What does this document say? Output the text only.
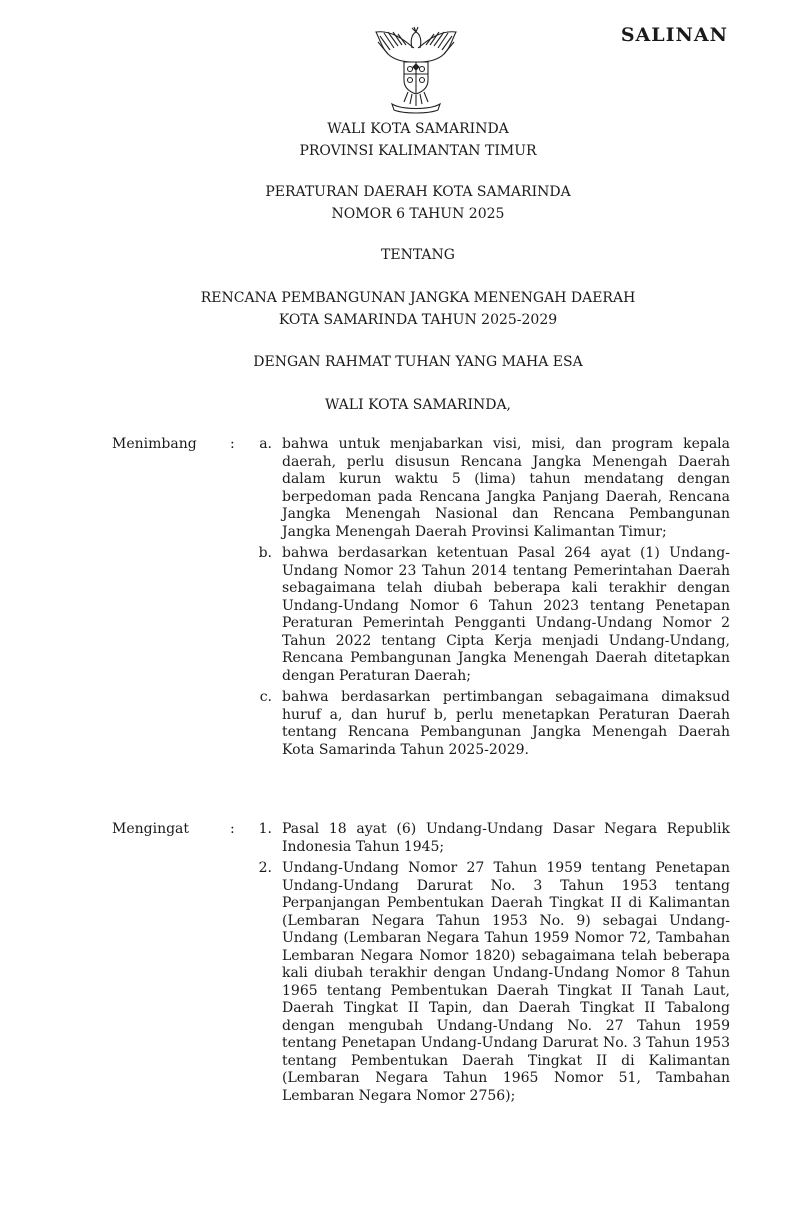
SALINAN
WALI KOTA SAMARINDA
PROVINSI KALIMANTAN TIMUR
PERATURAN DAERAH KOTA SAMARINDA
NOMOR 6 TAHUN 2025
TENTANG
RENCANA PEMBANGUNAN JANGKA MENENGAH DAERAH
KOTA SAMARINDA TAHUN 2025-2029
DENGAN RAHMAT TUHAN YANG MAHA ESA
WALI KOTA SAMARINDA,
Menimbang	:	a. bahwa untuk menjabarkan visi, misi, dan program kepala daerah, perlu disusun Rencana Jangka Menengah Daerah dalam kurun waktu 5 (lima) tahun mendatang dengan berpedoman pada Rencana Jangka Panjang Daerah, Rencana Jangka Menengah Nasional dan Rencana Pembangunan Jangka Menengah Daerah Provinsi Kalimantan Timur;
b. bahwa berdasarkan ketentuan Pasal 264 ayat (1) Undang-Undang Nomor 23 Tahun 2014 tentang Pemerintahan Daerah sebagaimana telah diubah beberapa kali terakhir dengan Undang-Undang Nomor 6 Tahun 2023 tentang Penetapan Peraturan Pemerintah Pengganti Undang-Undang Nomor 2 Tahun 2022 tentang Cipta Kerja menjadi Undang-Undang, Rencana Pembangunan Jangka Menengah Daerah ditetapkan dengan Peraturan Daerah;
c. bahwa berdasarkan pertimbangan sebagaimana dimaksud huruf a, dan huruf b, perlu menetapkan Peraturan Daerah tentang Rencana Pembangunan Jangka Menengah Daerah Kota Samarinda Tahun 2025-2029.
Mengingat	:	1. Pasal 18 ayat (6) Undang-Undang Dasar Negara Republik Indonesia Tahun 1945;
2. Undang-Undang Nomor 27 Tahun 1959 tentang Penetapan Undang-Undang Darurat No. 3 Tahun 1953 tentang Perpanjangan Pembentukan Daerah Tingkat II di Kalimantan (Lembaran Negara Tahun 1953 No. 9) sebagai Undang-Undang (Lembaran Negara Tahun 1959 Nomor 72, Tambahan Lembaran Negara Nomor 1820) sebagaimana telah beberapa kali diubah terakhir dengan Undang-Undang Nomor 8 Tahun 1965 tentang Pembentukan Daerah Tingkat II Tanah Laut, Daerah Tingkat II Tapin, dan Daerah Tingkat II Tabalong dengan mengubah Undang-Undang No. 27 Tahun 1959 tentang Penetapan Undang-Undang Darurat No. 3 Tahun 1953 tentang Pembentukan Daerah Tingkat II di Kalimantan (Lembaran Negara Tahun 1965 Nomor 51, Tambahan Lembaran Negara Nomor 2756);
